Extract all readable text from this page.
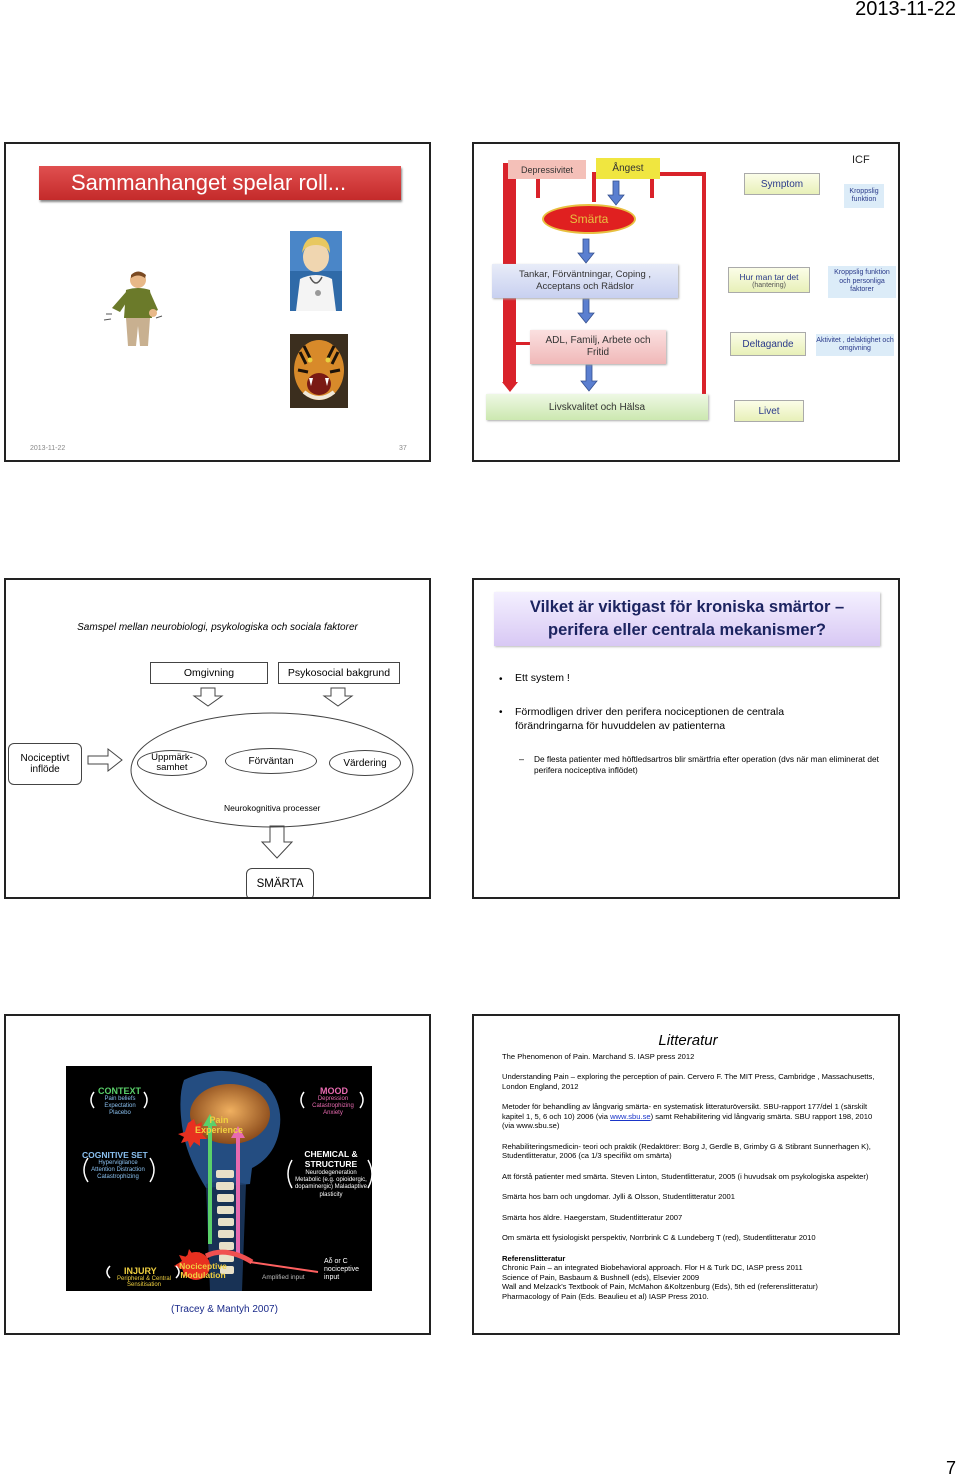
2013-11-22
Sammanhanget spelar roll...
2013-11-22	37
Depressivitet	Ångest
Smärta
Tankar, Förväntningar, Coping , Acceptans och Rädslor
ADL, Familj, Arbete och Fritid
Livskvalitet och Hälsa
Symptom
Hur man tar det
(hantering)
Deltagande
Livet
ICF
Kroppslig funktion
Kroppslig funktion och personliga faktorer
Aktivitet , delaktighet och omgivning
Samspel mellan neurobiologi, psykologiska och sociala faktorer
Omgivning	Psykosocial bakgrund
Nociceptivt inflöde
Uppmärk-samhet
Förväntan	Värdering
Neurokognitiva processer
SMÄRTA
Vilket är viktigast för kroniska smärtor – perifera eller centrala mekanismer?
• Ett system !
• Förmodligen driver den perifera nociceptionen de centrala förändringarna för huvuddelen av patienterna
– De flesta patienter med höftledsartros blir smärtfria efter operation (dvs när man eliminerat det perifera nociceptiva inflödet)
CONTEXT
Pain beliefs Expectation Placebo
MOOD
Depression Catastrophizing Anxiety
COGNITIVE SET
Hypervigilance Attention Distraction Catastrophizing
CHEMICAL & STRUCTURE
Neurodegeneration Metabolic (e.g. opioidergic, dopaminergic) Maladaptive plasticity
Pain Experience
INJURY
Peripheral & Central Sensitisation
Nociceptive Modulation	Amplified input
Aδ or C nociceptive input
(Tracey & Mantyh 2007)
Litteratur

The Phenomenon of Pain. Marchand S. IASP press 2012

Understanding Pain – exploring the perception of pain. Cervero F. The MIT Press, Cambridge , Massachusetts, London England, 2012

Metoder för behandling av långvarig smärta- en systematisk litteraturöversikt. SBU-rapport 177/del 1 (särskilt kapitel 1, 5, 6 och 10) 2006 (via www.sbu.se) samt Rehabilitering vid långvarig smärta. SBU rapport 198, 2010 (via www.sbu.se)

Rehabiliteringsmedicin- teori och praktik (Redaktörer: Borg J, Gerdle B, Grimby G & Stibrant Sunnerhagen K), Studentlitteratur, 2006 (ca 1/3 specifikt om smärta)

Att förstå patienter med smärta. Steven Linton, Studentlitteratur, 2005 (i huvudsak om psykologiska aspekter)

Smärta hos barn och ungdomar. Jylli & Olsson, Studentlitteratur 2001

Smärta hos äldre. Haegerstam, Studentlitteratur 2007

Om smärta ett fysiologiskt perspektiv, Norrbrink C & Lundeberg T (red), Studentlitteratur 2010

Referenslitteratur
Chronic Pain – an integrated Biobehavioral approach. Flor H & Turk DC, IASP press 2011
Science of Pain, Basbaum & Bushnell (eds), Elsevier 2009
Wall and Melzack's Textbook of Pain, McMahon &Koltzenburg (Eds), 5th ed (referenslitteratur)
Pharmacology of Pain (Eds. Beaulieu et al) IASP Press 2010.

7
